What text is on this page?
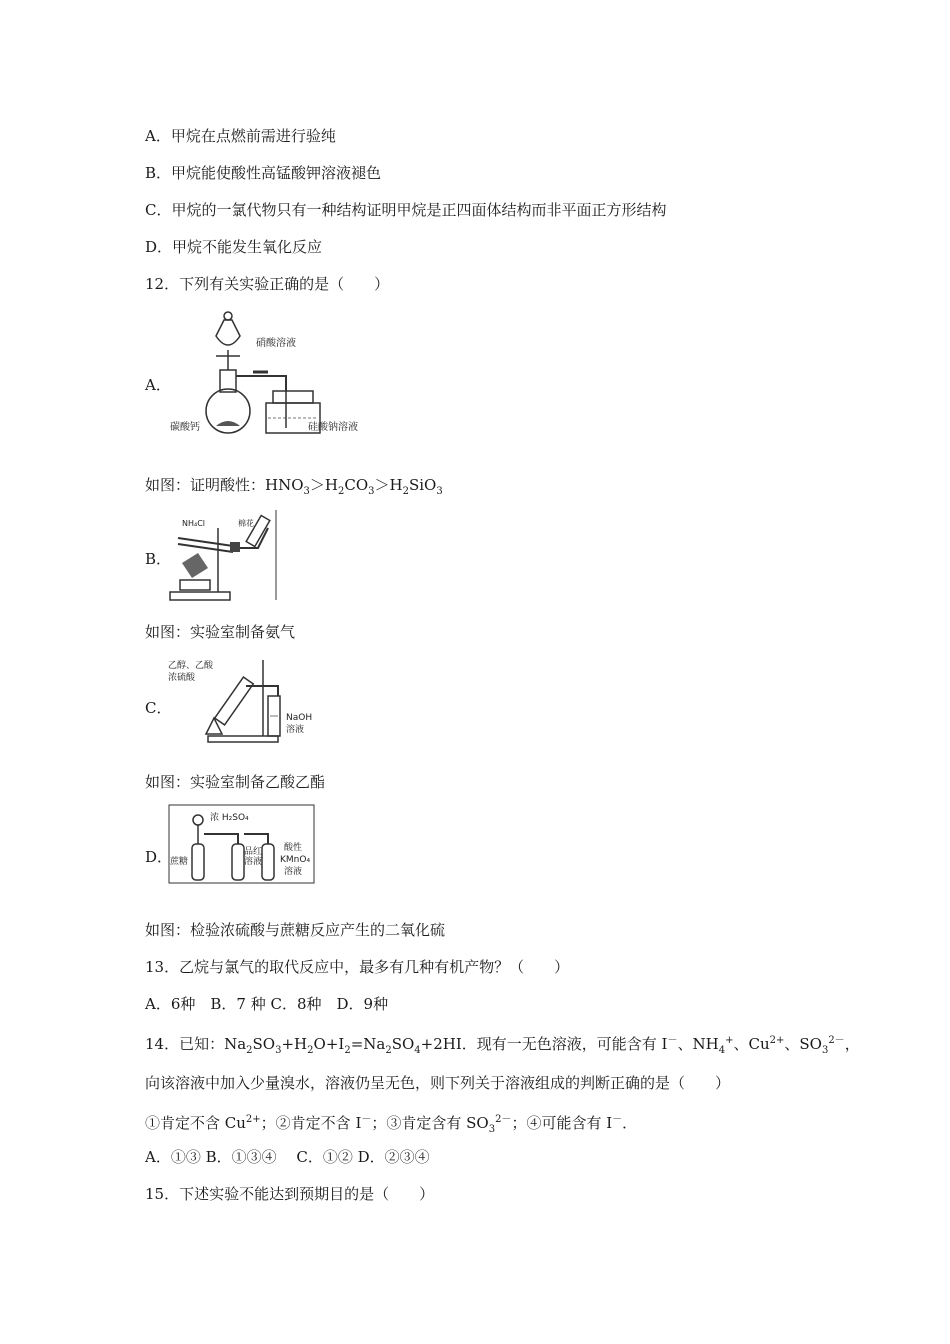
A．甲烷在点燃前需进行验纯
B．甲烷能使酸性高锰酸钾溶液褪色
C．甲烷的一氯代物只有一种结构证明甲烷是正四面体结构而非平面正方形结构
D．甲烷不能发生氧化反应
12．下列有关实验正确的是（　　）
A．
硝酸溶液
碳酸钙	硅酸钠溶液
如图：证明酸性：$HNO_3>H_2CO_3>H_2SiO_3$
B．
NH₄Cl	棉花
如图：实验室制备氨气
C．
乙醇、乙酸
浓硫酸
NaOH
溶液
如图：实验室制备乙酸乙酯
D．
浓 H₂SO₄
蔗糖
品红
溶液
酸性
KMnO₄
溶液
如图：检验浓硫酸与蔗糖反应产生的二氧化硫
13．乙烷与氯气的取代反应中，最多有几种有机产物？（　　）
A．6种　B．7 种 C．8种　D．9种
14．已知：$Na_2SO_3+H_2O+I_2=Na_2SO_4+2HI$．现有一无色溶液，可能含有 I－、$NH_4^+$、$Cu^{2+}$、$SO_3^{2-}$，
向该溶液中加入少量溴水，溶液仍呈无色，则下列关于溶液组成的判断正确的是（　　）
①肯定不含 $Cu^{2+}$；②肯定不含 I－；③肯定含有 $SO_3^{2-}$；④可能含有 I－．
A．①③ B．①③④　 C．①② D．②③④
15．下述实验不能达到预期目的是（　　）
